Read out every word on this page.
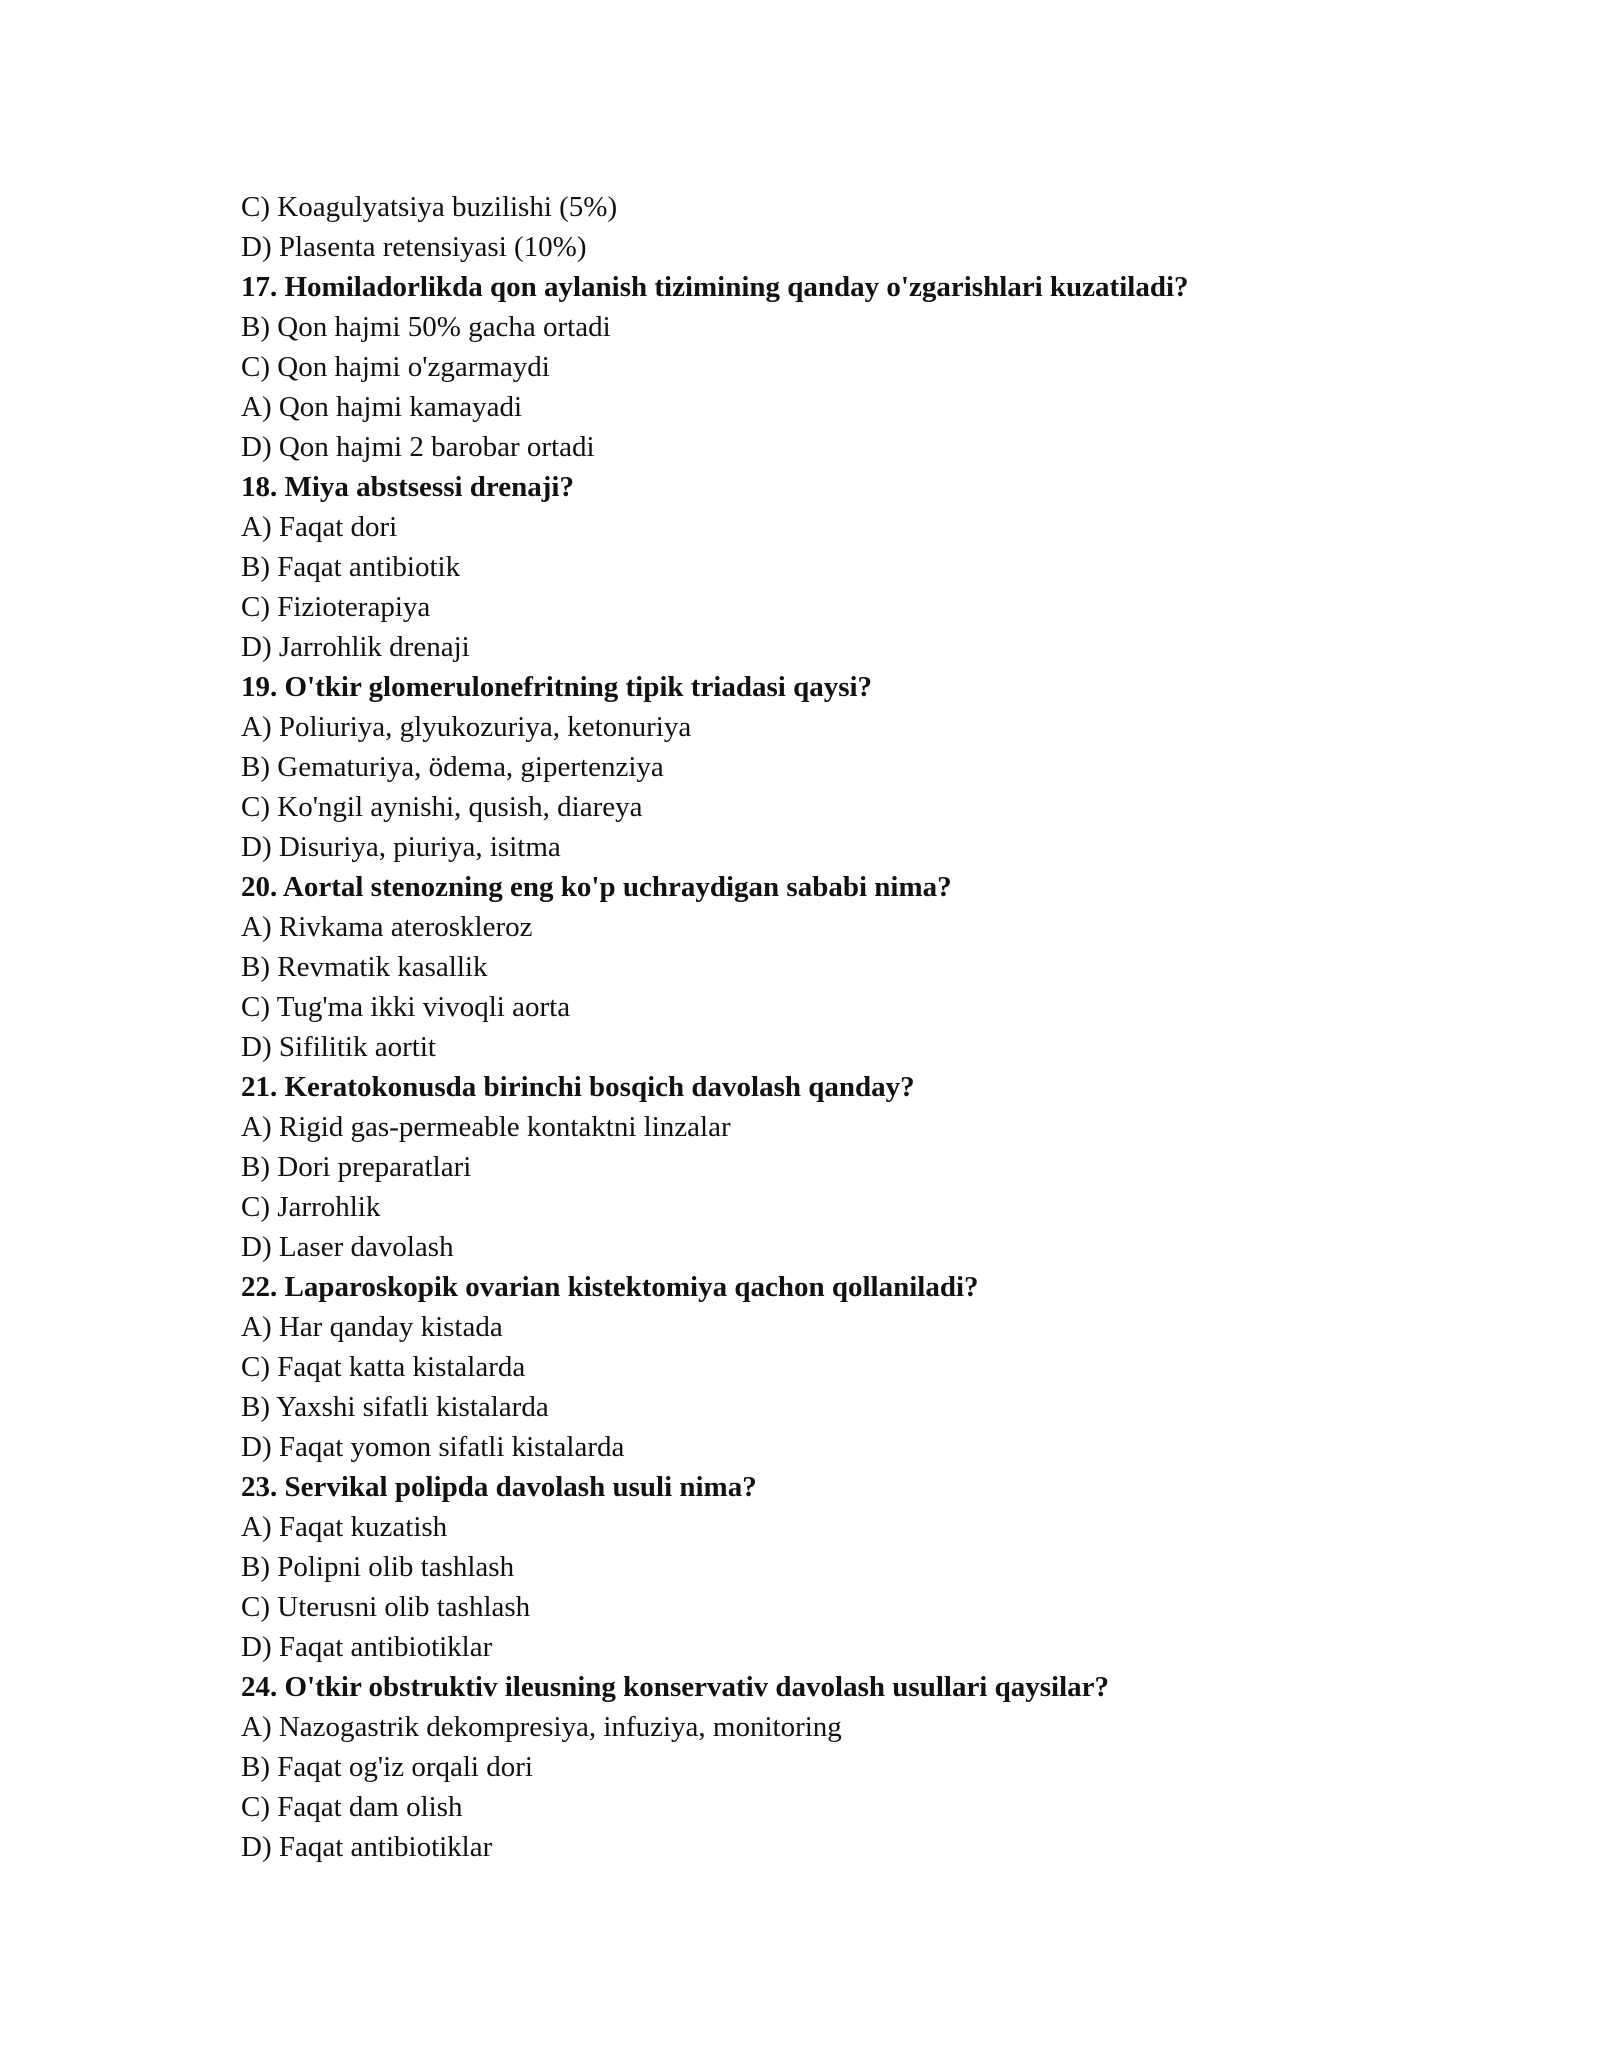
C) Koagulyatsiya buzilishi (5%)
D) Plasenta retensiyasi (10%)
17. Homiladorlikda qon aylanish tizimining qanday o'zgarishlari kuzatiladi?
B) Qon hajmi 50% gacha ortadi
C) Qon hajmi o'zgarmaydi
A) Qon hajmi kamayadi
D) Qon hajmi 2 barobar ortadi
18. Miya abstsessi drenaji?
A) Faqat dori
B) Faqat antibiotik
C) Fizioterapiya
D) Jarrohlik drenaji
19. O'tkir glomerulonefritning tipik triadasi qaysi?
A) Poliuriya, glyukozuriya, ketonuriya
B) Gematuriya, ödema, gipertenziya
C) Ko'ngil aynishi, qusish, diareya
D) Disuriya, piuriya, isitma
20. Aortal stenozning eng ko'p uchraydigan sababi nima?
A) Rivkama ateroskleroz
B) Revmatik kasallik
C) Tug'ma ikki vivoqli aorta
D) Sifilitik aortit
21. Keratokonusda birinchi bosqich davolash qanday?
A) Rigid gas-permeable kontaktni linzalar
B) Dori preparatlari
C) Jarrohlik
D) Laser davolash
22. Laparoskopik ovarian kistektomiya qachon qollaniladi?
A) Har qanday kistada
C) Faqat katta kistalarda
B) Yaxshi sifatli kistalarda
D) Faqat yomon sifatli kistalarda
23. Servikal polipda davolash usuli nima?
A) Faqat kuzatish
B) Polipni olib tashlash
C) Uterusni olib tashlash
D) Faqat antibiotiklar
24. O'tkir obstruktiv ileusning konservativ davolash usullari qaysilar?
A) Nazogastrik dekompresiya, infuziya, monitoring
B) Faqat og'iz orqali dori
C) Faqat dam olish
D) Faqat antibiotiklar
